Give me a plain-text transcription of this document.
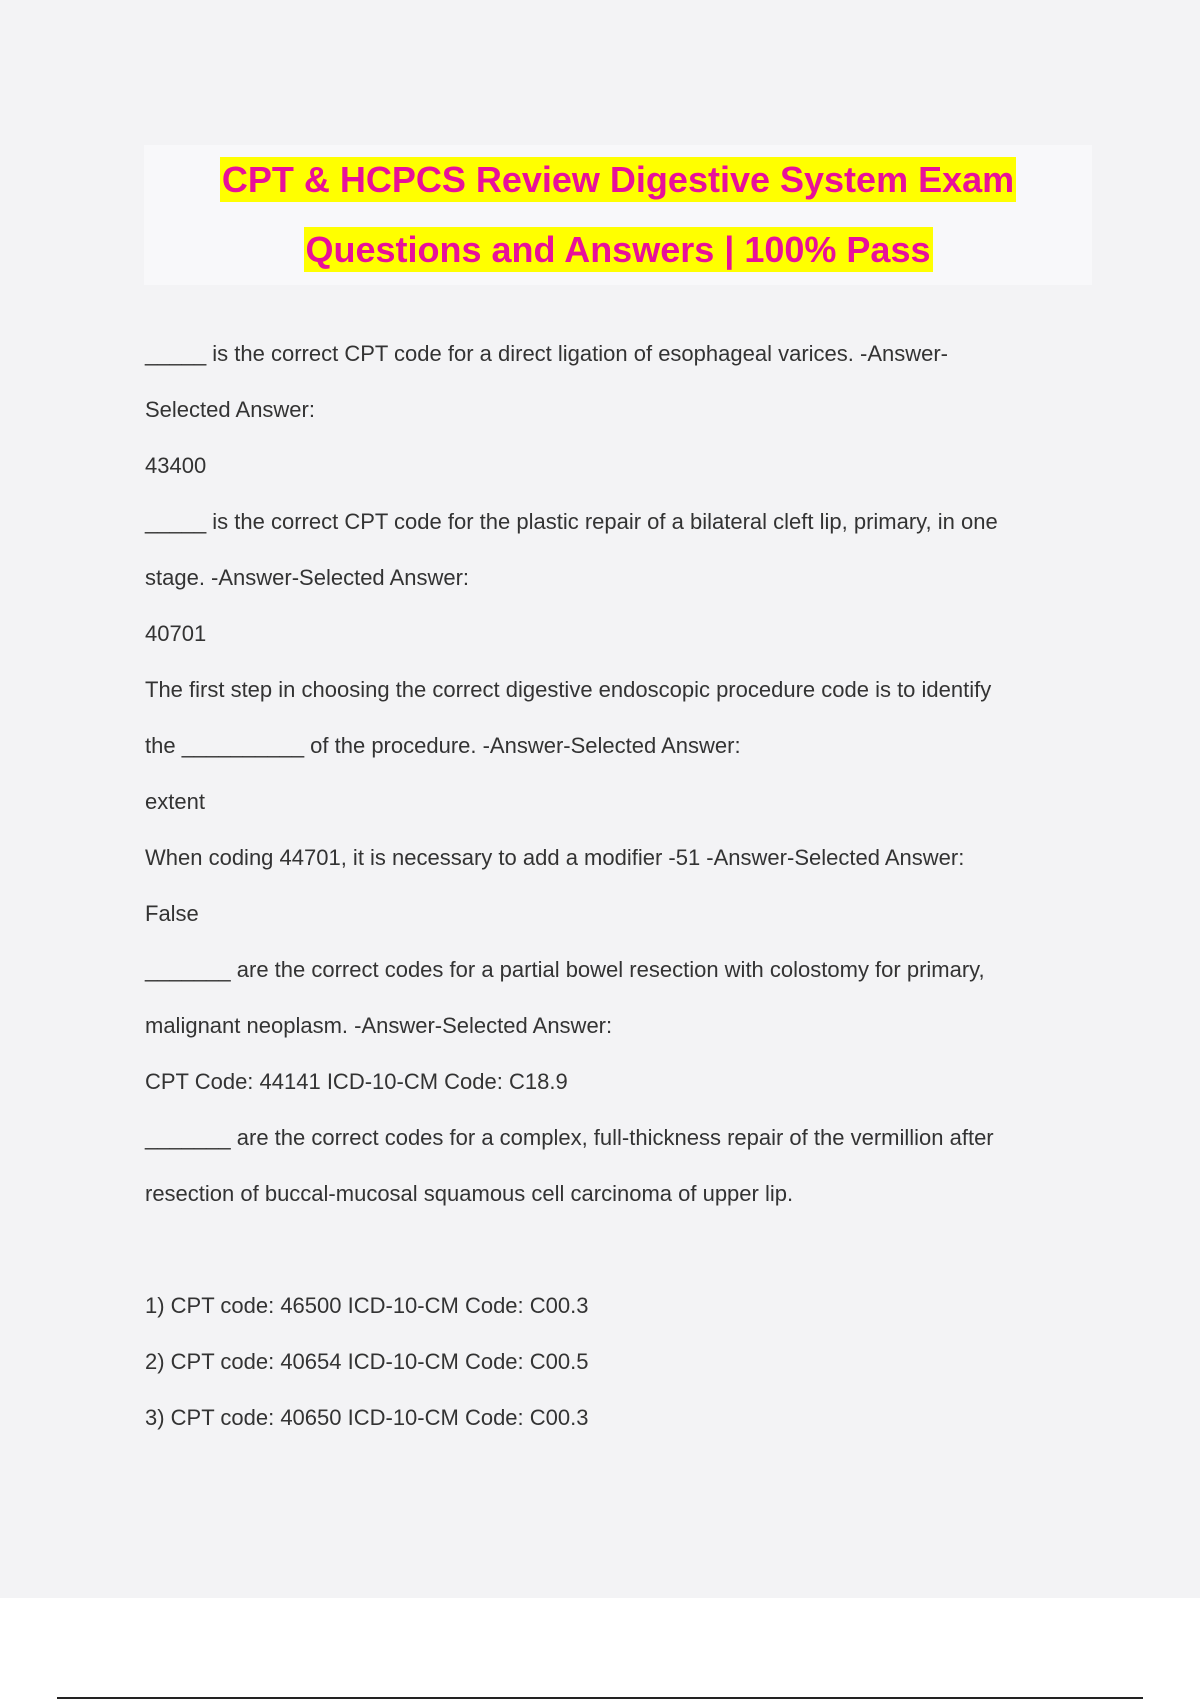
CPT & HCPCS Review Digestive System Exam
Questions and Answers | 100% Pass
_____ is the correct CPT code for a direct ligation of esophageal varices. -Answer-
Selected Answer:
43400
_____ is the correct CPT code for the plastic repair of a bilateral cleft lip, primary, in one
stage. -Answer-Selected Answer:
40701
The first step in choosing the correct digestive endoscopic procedure code is to identify
the __________ of the procedure. -Answer-Selected Answer:
extent
When coding 44701, it is necessary to add a modifier -51 -Answer-Selected Answer:
False
_______ are the correct codes for a partial bowel resection with colostomy for primary,
malignant neoplasm. -Answer-Selected Answer:
CPT Code: 44141 ICD-10-CM Code: C18.9
_______ are the correct codes for a complex, full-thickness repair of the vermillion after
resection of buccal-mucosal squamous cell carcinoma of upper lip.
1) CPT code: 46500 ICD-10-CM Code: C00.3
2) CPT code: 40654 ICD-10-CM Code: C00.5
3) CPT code: 40650 ICD-10-CM Code: C00.3
